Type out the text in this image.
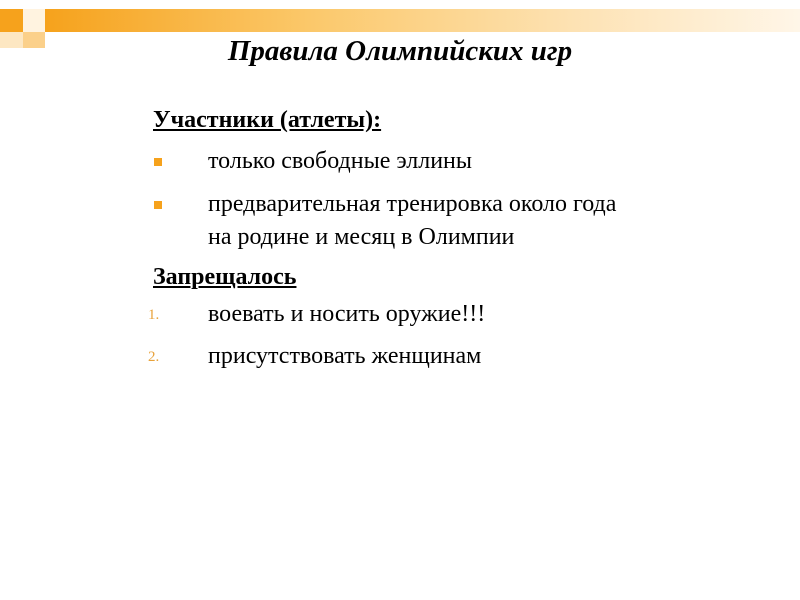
Правила Олимпийских игр

Участники (атлеты):

только свободные эллины
предварительная тренировка около года на родине и месяц в Олимпии

Запрещалось

1. воевать и носить оружие!!!
2. присутствовать женщинам
